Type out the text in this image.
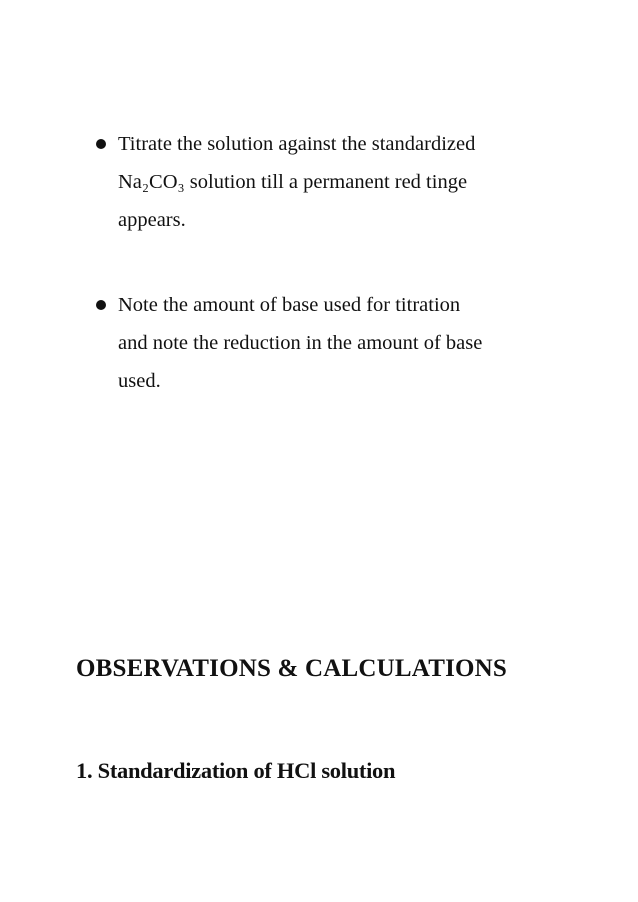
Titrate the solution against the standardized
Na₂CO₃ solution till a permanent red tinge
appears.
Note the amount of base used for titration
and note the reduction in the amount of base
used.
OBSERVATIONS & CALCULATIONS
1. Standardization of HCl solution
